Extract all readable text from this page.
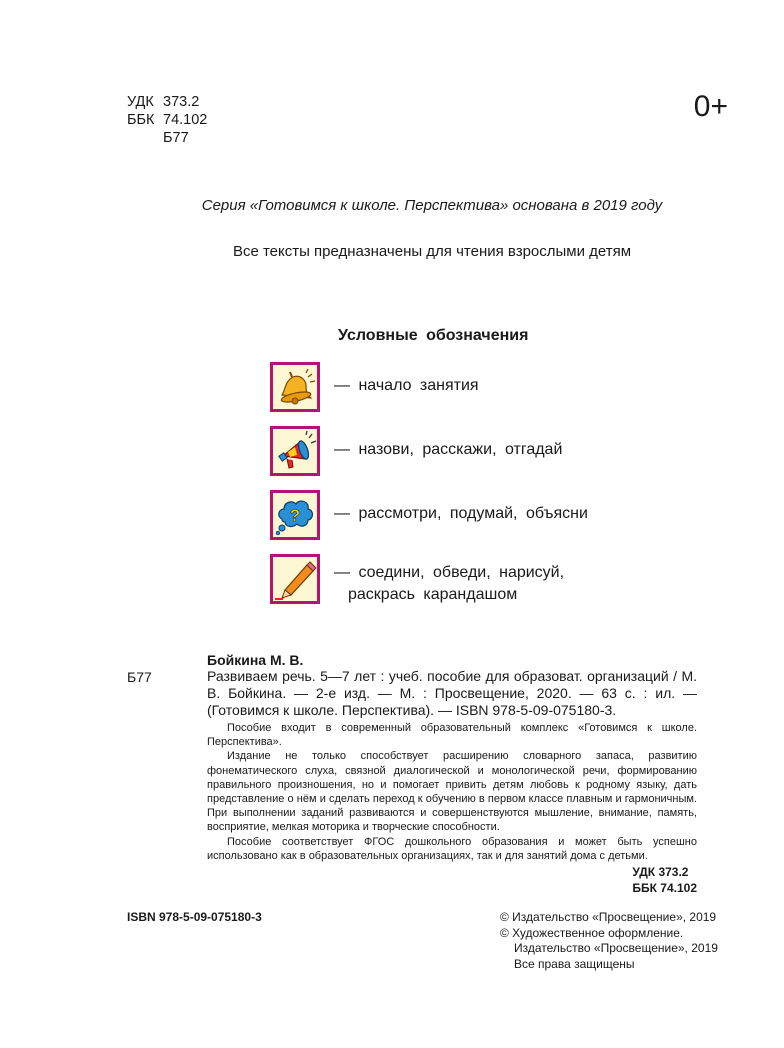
УДК 373.2
ББК 74.102
Б77
0+
Серия «Готовимся к школе. Перспектива» основана в 2019 году
Все тексты предназначены для чтения взрослыми детям
Условные обозначения
— начало занятия
— назови, расскажи, отгадай
? — рассмотри, подумай, объясни
— соедини, обведи, нарисуй,
раскрась карандашом
Бойкина М. В.
Б77	Развиваем речь. 5—7 лет : учеб. пособие для образоват. организаций / М. В. Бойкина. — 2-е изд. — М. : Просвещение, 2020. — 63 с. : ил. — (Готовимся к школе. Перспектива). — ISBN 978-5-09-075180-3.

Пособие входит в современный образовательный комплекс «Готовимся к школе. Перспектива».

Издание не только способствует расширению словарного запаса, развитию фонематического слуха, связной диалогической и монологической речи, формированию правильного произношения, но и помогает привить детям любовь к родному языку, дать представление о нём и сделать переход к обучению в первом классе плавным и гармоничным. При выполнении заданий развиваются и совершенствуются мышление, внимание, память, восприятие, мелкая моторика и творческие способности.

Пособие соответствует ФГОС дошкольного образования и может быть успешно использовано как в образовательных организациях, так и для занятий дома с детьми.

УДК 373.2
ББК 74.102
ISBN 978-5-09-075180-3	© Издательство «Просвещение», 2019
© Художественное оформление.
Издательство «Просвещение», 2019
Все права защищены
